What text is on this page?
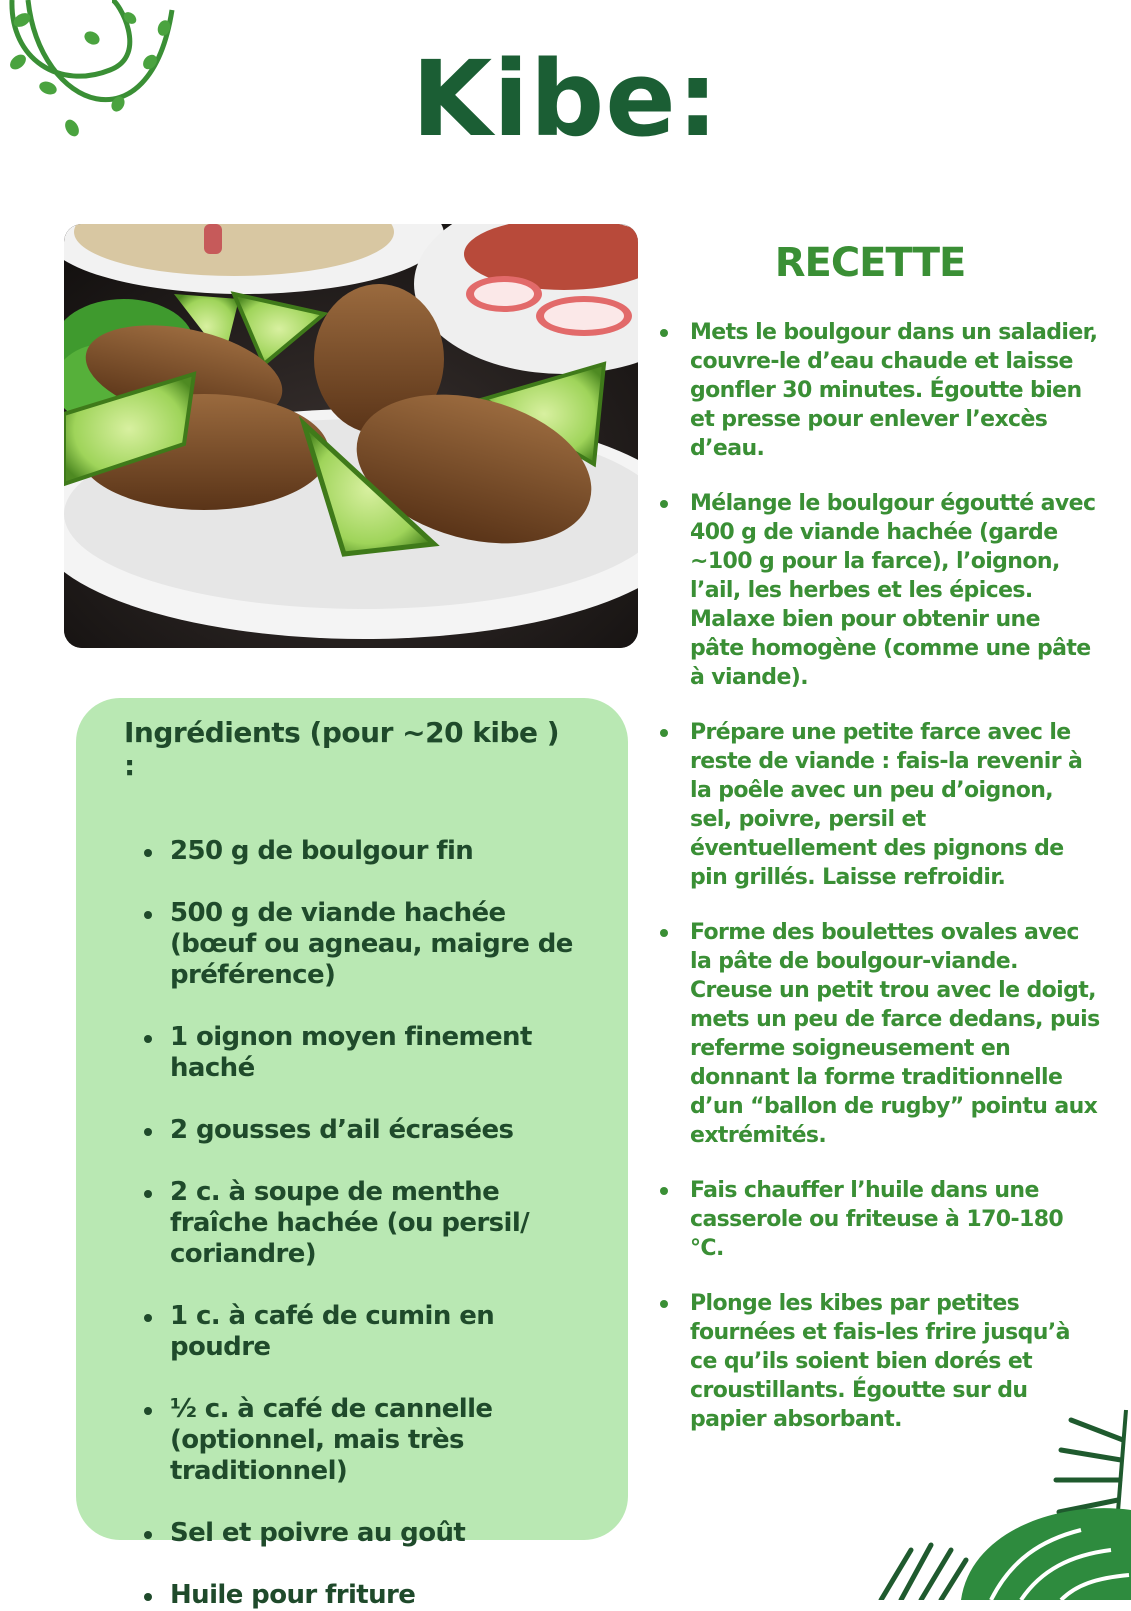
Kibe:
Ingrédients (pour ~20 kibe ) :
250 g de boulgour fin
500 g de viande hachée (bœuf ou agneau, maigre de préférence)
1 oignon moyen finement haché
2 gousses d’ail écrasées
2 c. à soupe de menthe fraîche hachée (ou persil/ coriandre)
1 c. à café de cumin en poudre
½ c. à café de cannelle (optionnel, mais très traditionnel)
Sel et poivre au goût
Huile pour friture
RECETTE
Mets le boulgour dans un saladier, couvre-le d’eau chaude et laisse gonfler 30 minutes. Égoutte bien et presse pour enlever l’excès d’eau.
Mélange le boulgour égoutté avec 400 g de viande hachée (garde ~100 g pour la farce), l’oignon, l’ail, les herbes et les épices. Malaxe bien pour obtenir une pâte homogène (comme une pâte à viande).
Prépare une petite farce avec le reste de viande : fais-la revenir à la poêle avec un peu d’oignon, sel, poivre, persil et éventuellement des pignons de pin grillés. Laisse refroidir.
Forme des boulettes ovales avec la pâte de boulgour-viande. Creuse un petit trou avec le doigt, mets un peu de farce dedans, puis referme soigneusement en donnant la forme traditionnelle d’un “ballon de rugby” pointu aux extrémités.
Fais chauffer l’huile dans une casserole ou friteuse à 170-180 °C.
Plonge les kibes par petites fournées et fais-les frire jusqu’à ce qu’ils soient bien dorés et croustillants. Égoutte sur du papier absorbant.
